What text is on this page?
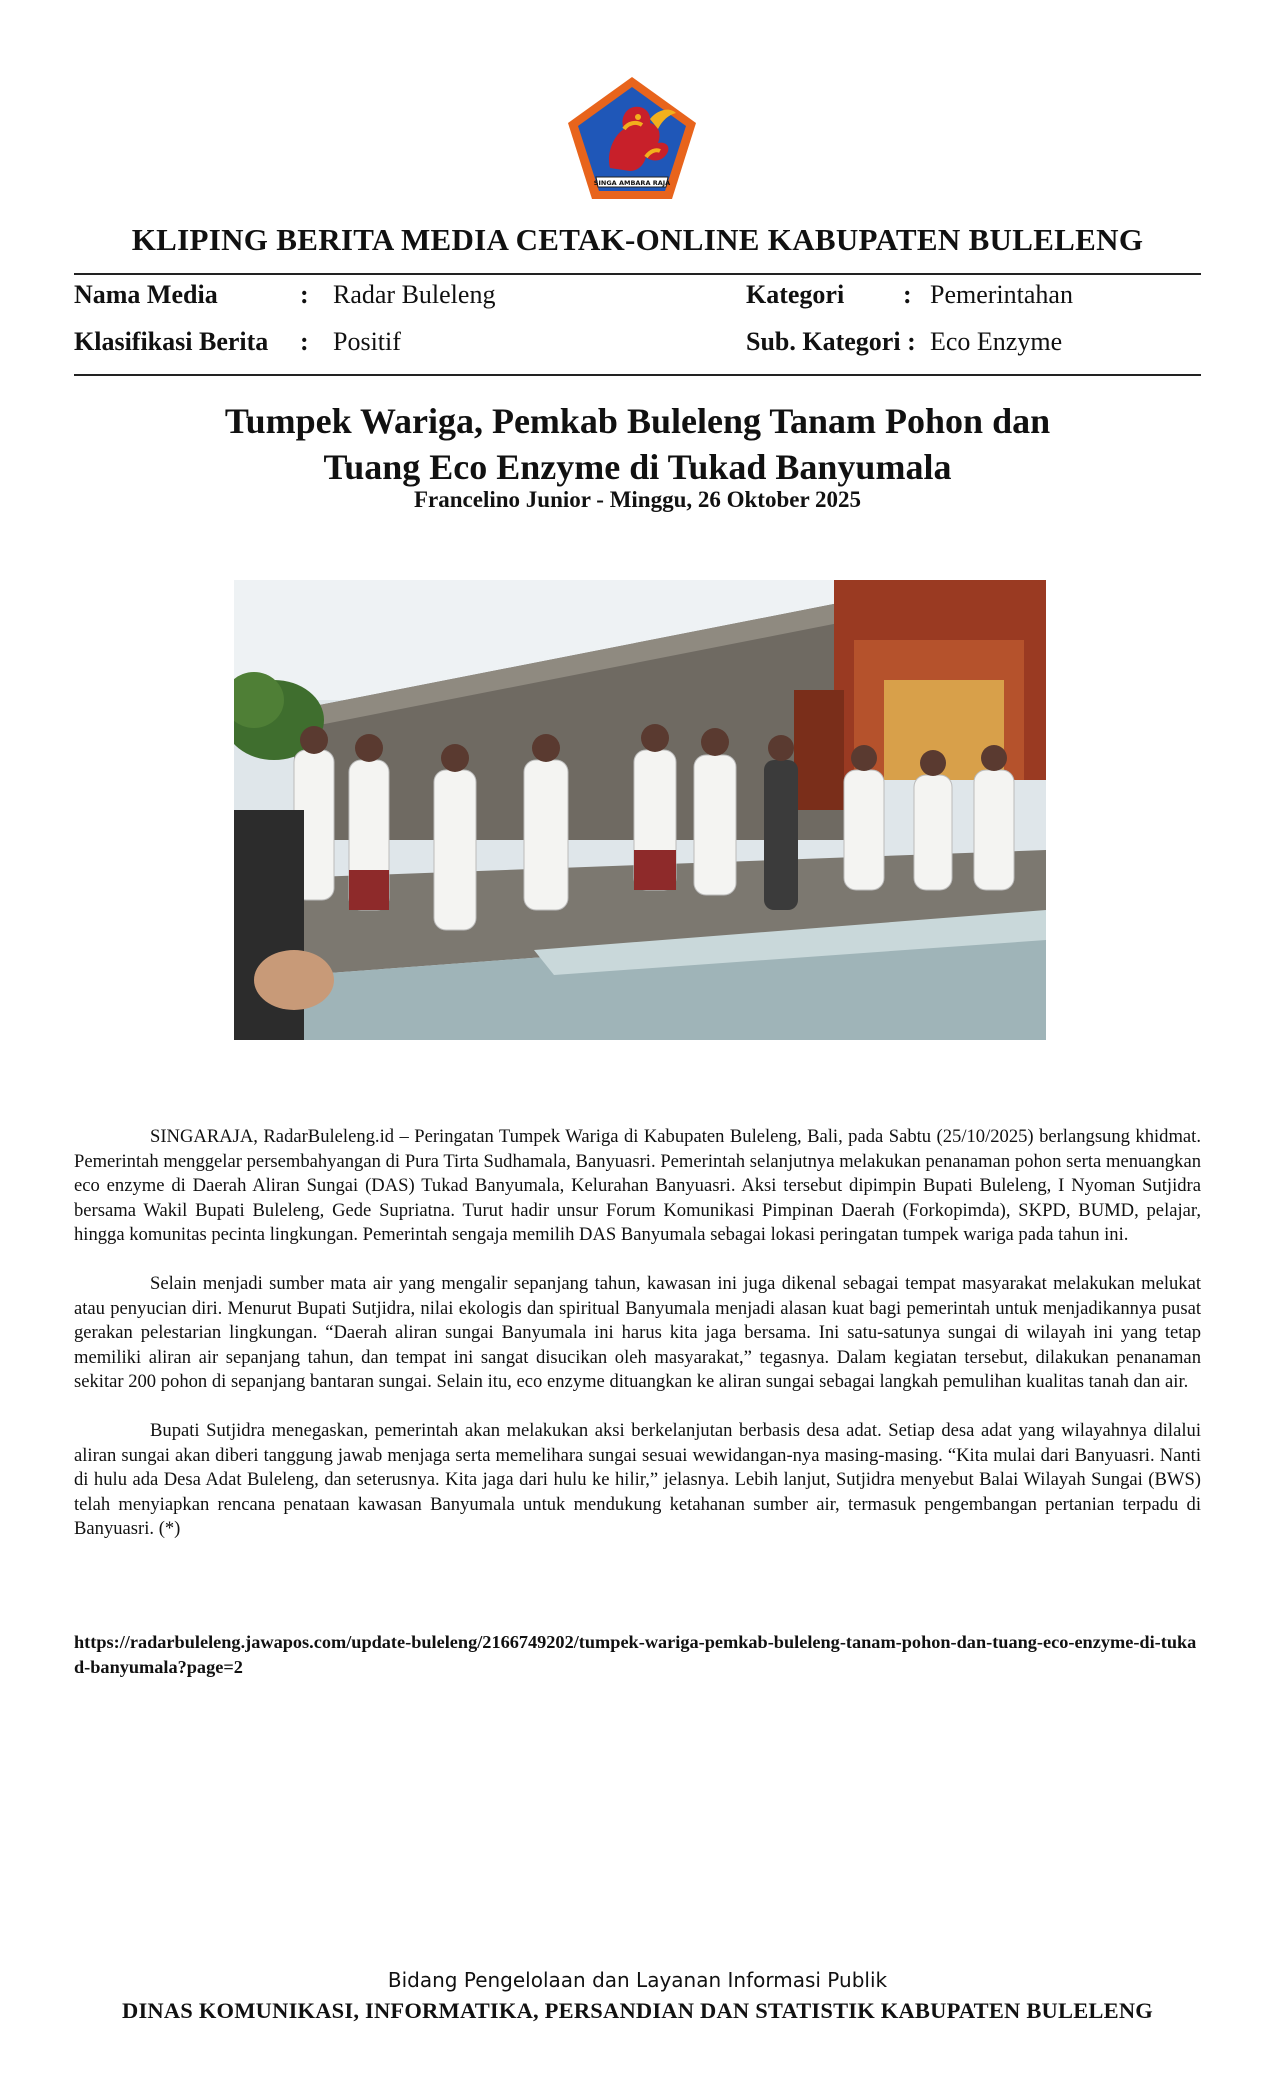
SINGA AMBARA RAJA
KLIPING BERITA MEDIA CETAK-ONLINE KABUPATEN BULELENG
Nama Media	: Radar Buleleng	Kategori : Pemerintahan
Klasifikasi Berita : Positif	Sub. Kategori : Eco Enzyme
Tumpek Wariga, Pemkab Buleleng Tanam Pohon dan
Tuang Eco Enzyme di Tukad Banyumala
Francelino Junior - Minggu, 26 Oktober 2025

SINGARAJA, RadarBuleleng.id – Peringatan Tumpek Wariga di Kabupaten Buleleng, Bali, pada Sabtu (25/10/2025) berlangsung khidmat. Pemerintah menggelar persembahyangan di Pura Tirta Sudhamala, Banyuasri. Pemerintah selanjutnya melakukan penanaman pohon serta menuangkan eco enzyme di Daerah Aliran Sungai (DAS) Tukad Banyumala, Kelurahan Banyuasri. Aksi tersebut dipimpin Bupati Buleleng, I Nyoman Sutjidra bersama Wakil Bupati Buleleng, Gede Supriatna. Turut hadir unsur Forum Komunikasi Pimpinan Daerah (Forkopimda), SKPD, BUMD, pelajar, hingga komunitas pecinta lingkungan. Pemerintah sengaja memilih DAS Banyumala sebagai lokasi peringatan tumpek wariga pada tahun ini.

Selain menjadi sumber mata air yang mengalir sepanjang tahun, kawasan ini juga dikenal sebagai tempat masyarakat melakukan melukat atau penyucian diri. Menurut Bupati Sutjidra, nilai ekologis dan spiritual Banyumala menjadi alasan kuat bagi pemerintah untuk menjadikannya pusat gerakan pelestarian lingkungan. “Daerah aliran sungai Banyumala ini harus kita jaga bersama. Ini satu-satunya sungai di wilayah ini yang tetap memiliki aliran air sepanjang tahun, dan tempat ini sangat disucikan oleh masyarakat,” tegasnya. Dalam kegiatan tersebut, dilakukan penanaman sekitar 200 pohon di sepanjang bantaran sungai. Selain itu, eco enzyme dituangkan ke aliran sungai sebagai langkah pemulihan kualitas tanah dan air.

Bupati Sutjidra menegaskan, pemerintah akan melakukan aksi berkelanjutan berbasis desa adat. Setiap desa adat yang wilayahnya dilalui aliran sungai akan diberi tanggung jawab menjaga serta memelihara sungai sesuai wewidangan-nya masing-masing. “Kita mulai dari Banyuasri. Nanti di hulu ada Desa Adat Buleleng, dan seterusnya. Kita jaga dari hulu ke hilir,” jelasnya. Lebih lanjut, Sutjidra menyebut Balai Wilayah Sungai (BWS) telah menyiapkan rencana penataan kawasan Banyumala untuk mendukung ketahanan sumber air, termasuk pengembangan pertanian terpadu di Banyuasri. (*)

https://radarbuleleng.jawapos.com/update-buleleng/2166749202/tumpek-wariga-pemkab-buleleng-tanam-pohon-dan-tuang-eco-enzyme-di-tukad-banyumala?page=2
Bidang Pengelolaan dan Layanan Informasi Publik
DINAS KOMUNIKASI, INFORMATIKA, PERSANDIAN DAN STATISTIK KABUPATEN BULELENG
